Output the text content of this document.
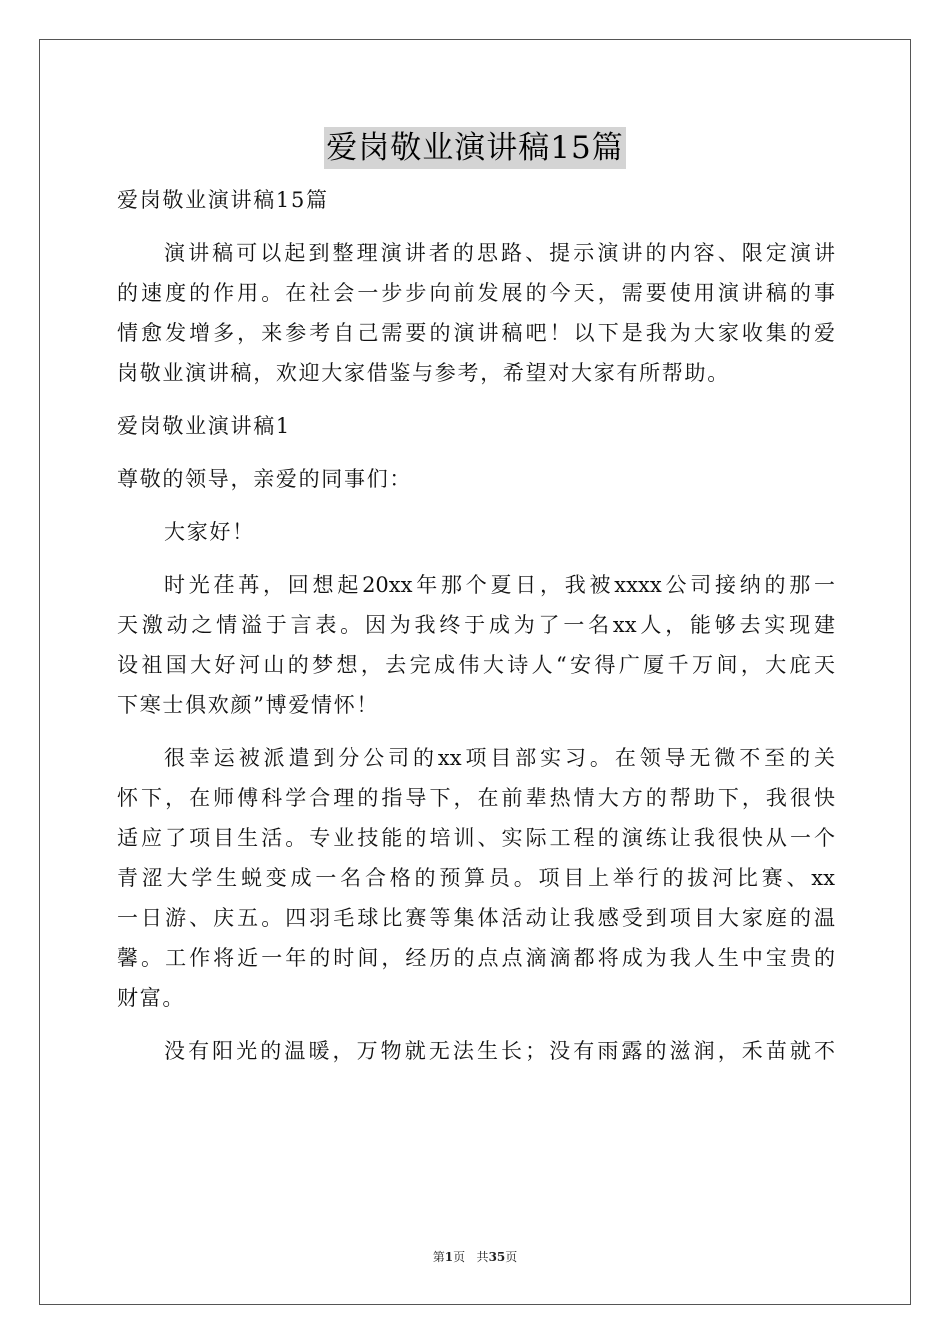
爱岗敬业演讲稿15篇
爱岗敬业演讲稿15篇
演讲稿可以起到整理演讲者的思路、提示演讲的内容、限定演讲
的速度的作用。在社会一步步向前发展的今天，需要使用演讲稿的事
情愈发增多，来参考自己需要的演讲稿吧！以下是我为大家收集的爱
岗敬业演讲稿，欢迎大家借鉴与参考，希望对大家有所帮助。
爱岗敬业演讲稿1
尊敬的领导，亲爱的同事们：
大家好！
时光荏苒，回想起20xx年那个夏日，我被xxxx公司接纳的那一
天激动之情溢于言表。因为我终于成为了一名xx人，能够去实现建
设祖国大好河山的梦想，去完成伟大诗人“安得广厦千万间，大庇天
下寒士俱欢颜”博爱情怀！
很幸运被派遣到分公司的xx项目部实习。在领导无微不至的关
怀下，在师傅科学合理的指导下，在前辈热情大方的帮助下，我很快
适应了项目生活。专业技能的培训、实际工程的演练让我很快从一个
青涩大学生蜕变成一名合格的预算员。项目上举行的拔河比赛、xx
一日游、庆五。四羽毛球比赛等集体活动让我感受到项目大家庭的温
馨。工作将近一年的时间，经历的点点滴滴都将成为我人生中宝贵的
财富。
没有阳光的温暖，万物就无法生长；没有雨露的滋润，禾苗就不
第1页 共35页
